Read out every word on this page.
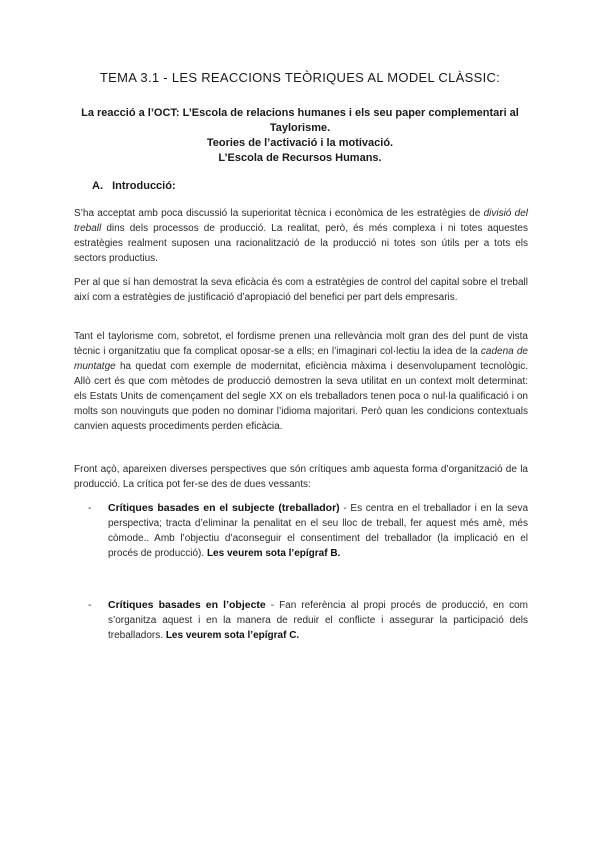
TEMA 3.1 - LES REACCIONS TEÒRIQUES AL MODEL CLÀSSIC:
La reacció a l’OCT: L’Escola de relacions humanes i els seu paper complementari al Taylorisme.
Teories de l’activació i la motivació.
L’Escola de Recursos Humans.
A. Introducció:

S’ha acceptat amb poca discussió la superioritat tècnica i econòmica de les estratègies de divisió del treball dins dels processos de producció. La realitat, però, és més complexa i ni totes aquestes estratègies realment suposen una racionalització de la producció ni totes son útils per a tots els sectors productius.

Per al que sí han demostrat la seva eficàcia és com a estratègies de control del capital sobre el treball així com a estratègies de justificació d’apropiació del benefici per part dels empresaris.

Tant el taylorisme com, sobretot, el fordisme prenen una rellevància molt gran des del punt de vista tècnic i organitzatiu que fa complicat oposar-se a ells; en l’imaginari col·lectiu la idea de la cadena de muntatge ha quedat com exemple de modernitat, eficiència màxima i desenvolupament tecnològic. Allò cert és que com mètodes de producció demostren la seva utilitat en un context molt determinat: els Estats Units de començament del segle XX on els treballadors tenen poca o nul·la qualificació i on molts son nouvinguts que poden no dominar l’idioma majoritari. Però quan les condicions contextuals canvien aquests procediments perden eficàcia.

Front açò, apareixen diverses perspectives que són crítiques amb aquesta forma d’organització de la producció. La crítica pot fer-se des de dues vessants:

- Crítiques basades en el subjecte (treballador) - Es centra en el treballador i en la seva perspectiva; tracta d’eliminar la penalitat en el seu lloc de treball, fer aquest més amè, més còmode.. Amb l’objectiu d’aconseguir el consentiment del treballador (la implicació en el procés de producció). Les veurem sota l’epígraf B.
- Crítiques basades en l’objecte - Fan referència al propi procés de producció, en com s’organitza aquest i en la manera de reduir el conflicte i assegurar la participació dels treballadors. Les veurem sota l’epígraf C.
